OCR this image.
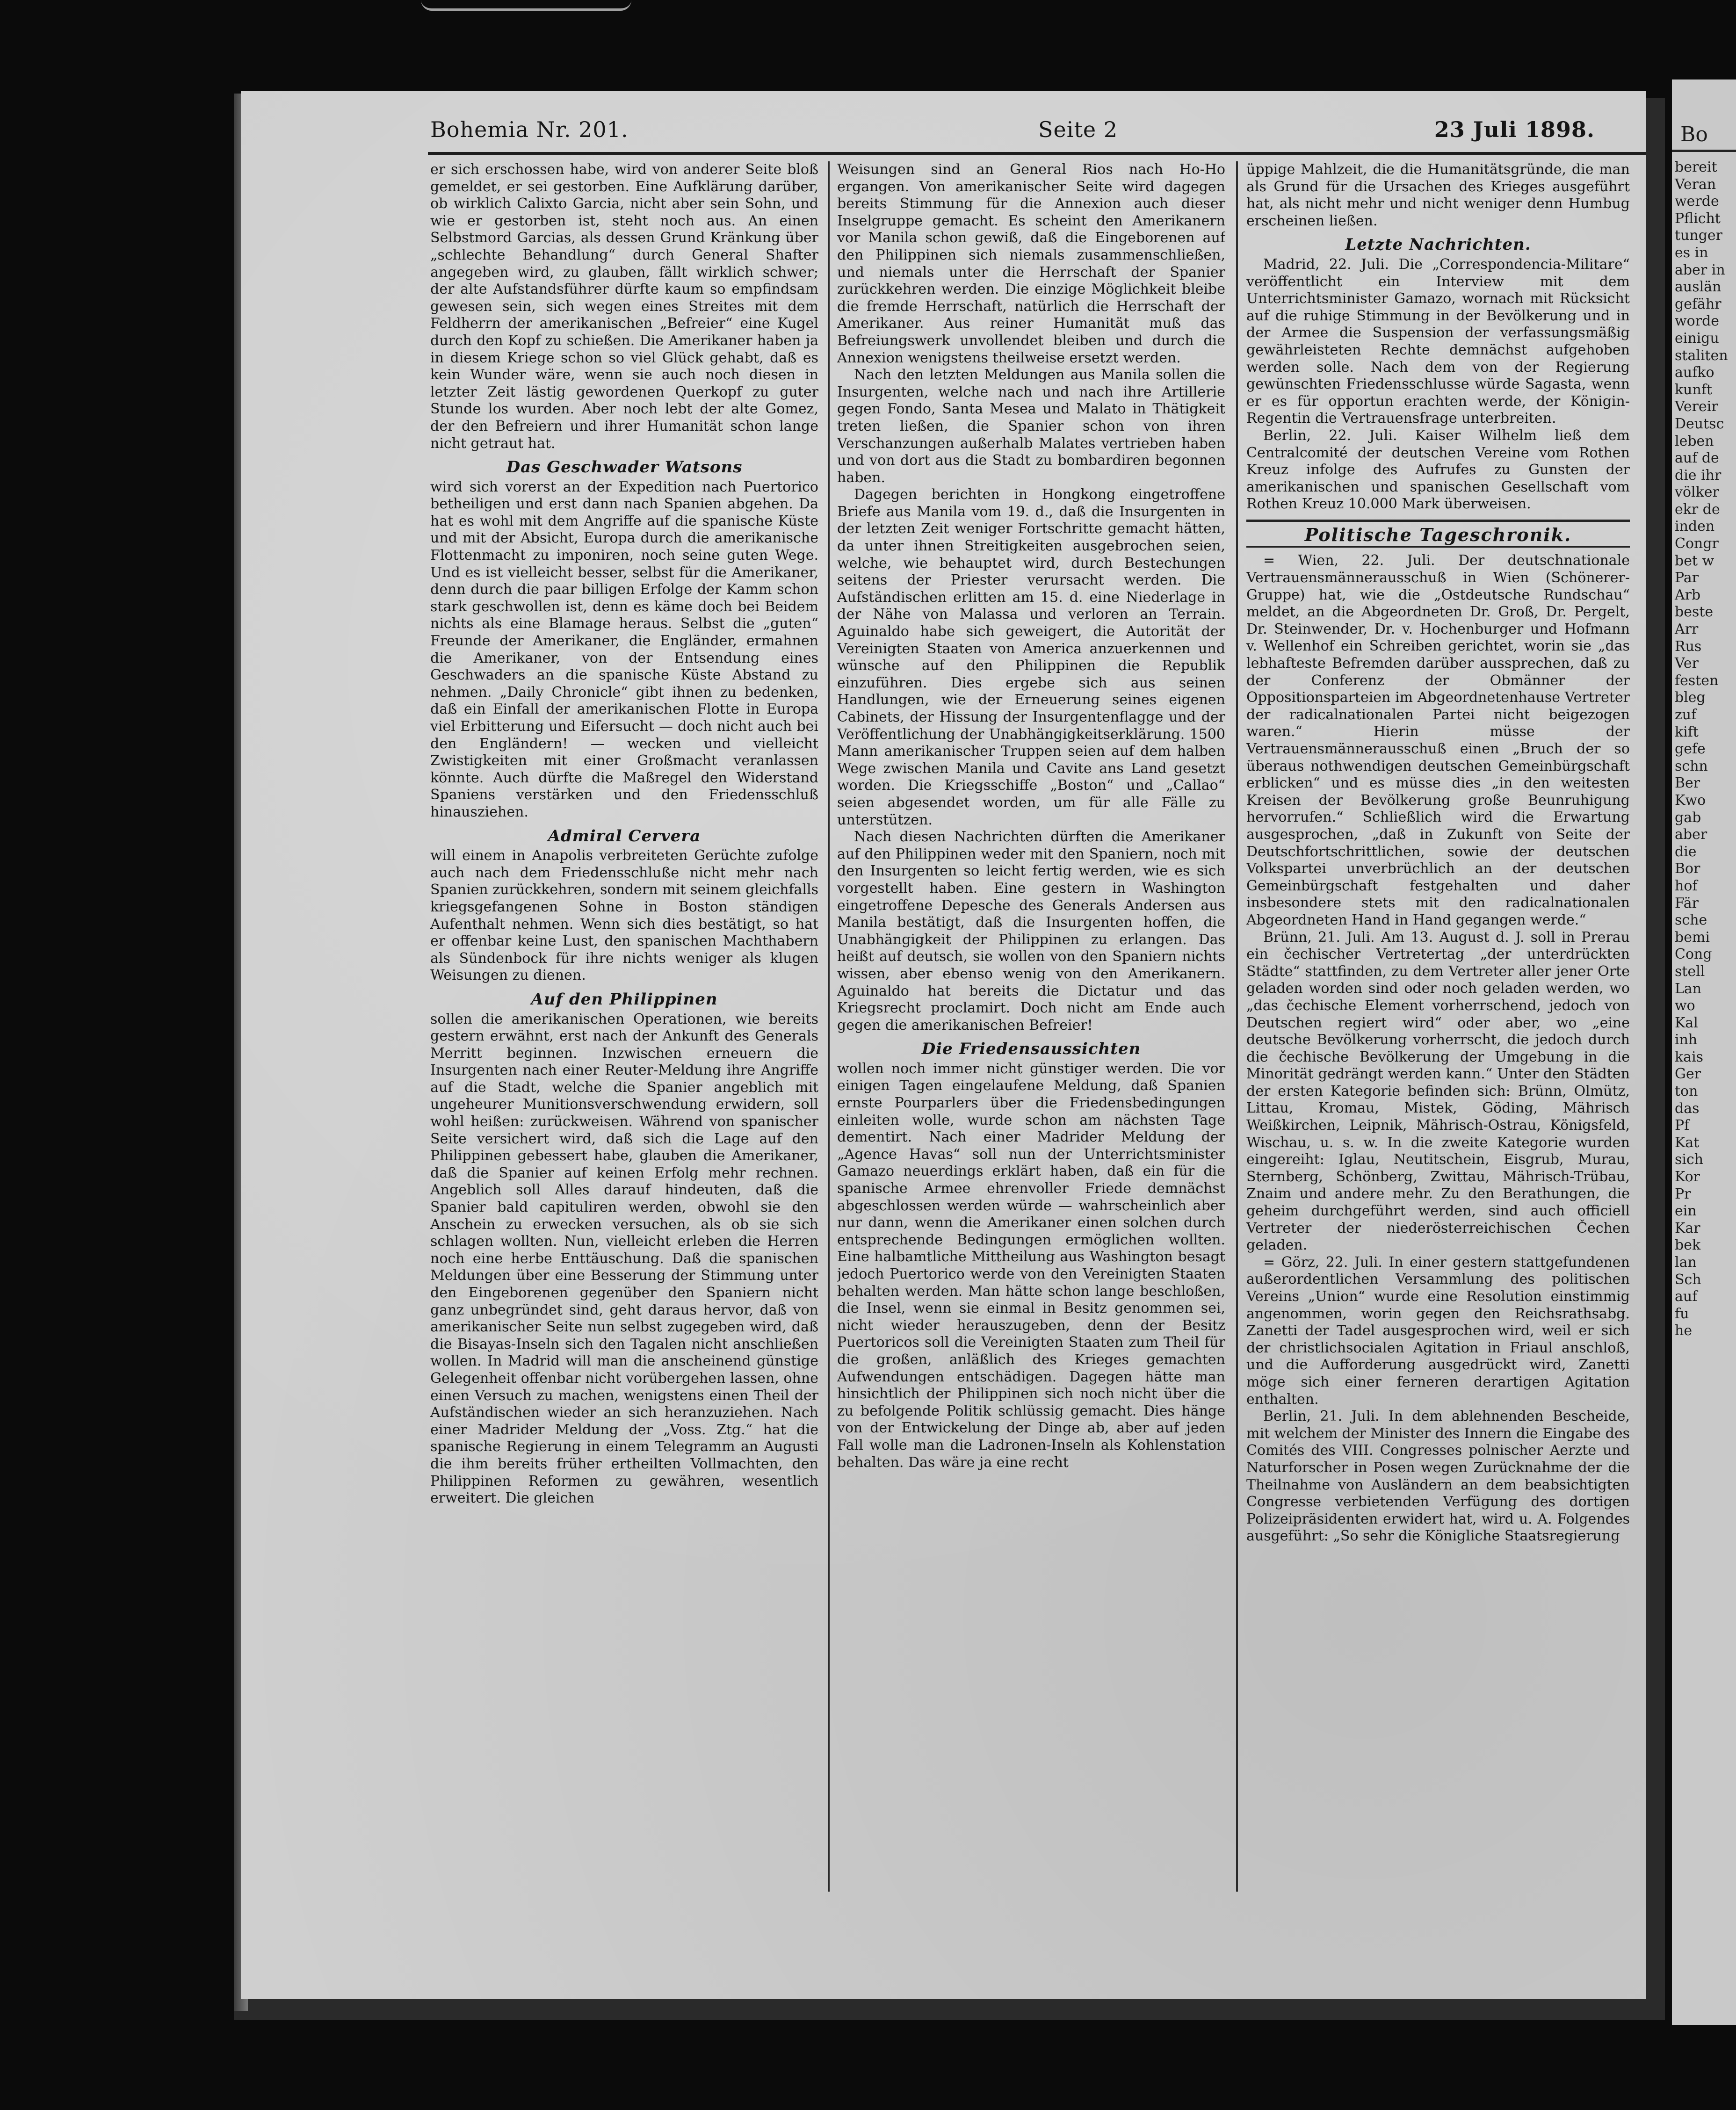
Bohemia Nr. 201.	Seite 2	23 Juli 1898.

er sich erschossen habe, wird von anderer Seite bloß gemeldet, er sei gestorben. Eine Aufklärung darüber, ob wirklich Calixto Garcia, nicht aber sein Sohn, und wie er gestorben ist, steht noch aus. An einen Selbstmord Garcias, als dessen Grund Kränkung über „schlechte Behandlung“ durch General Shafter angegeben wird, zu glauben, fällt wirklich schwer; der alte Aufstandsführer dürfte kaum so empfindsam gewesen sein, sich wegen eines Streites mit dem Feldherrn der amerikanischen „Befreier“ eine Kugel durch den Kopf zu schießen. Die Amerikaner haben ja in diesem Kriege schon so viel Glück gehabt, daß es kein Wunder wäre, wenn sie auch noch diesen in letzter Zeit lästig gewordenen Querkopf zu guter Stunde los wurden. Aber noch lebt der alte Gomez, der den Befreiern und ihrer Humanität schon lange nicht getraut hat.

Das Geschwader Watsons

wird sich vorerst an der Expedition nach Puertorico betheiligen und erst dann nach Spanien abgehen. Da hat es wohl mit dem Angriffe auf die spanische Küste und mit der Absicht, Europa durch die amerikanische Flottenmacht zu imponiren, noch seine guten Wege. Und es ist vielleicht besser, selbst für die Amerikaner, denn durch die paar billigen Erfolge der Kamm schon stark geschwollen ist, denn es käme doch bei Beidem nichts als eine Blamage heraus. Selbst die „guten“ Freunde der Amerikaner, die Engländer, ermahnen die Amerikaner, von der Entsendung eines Geschwaders an die spanische Küste Abstand zu nehmen. „Daily Chronicle“ gibt ihnen zu bedenken, daß ein Einfall der amerikanischen Flotte in Europa viel Erbitterung und Eifersucht — doch nicht auch bei den Engländern! — wecken und vielleicht Zwistigkeiten mit einer Großmacht veranlassen könnte. Auch dürfte die Maßregel den Widerstand Spaniens verstärken und den Friedensschluß hinausziehen.

Admiral Cervera

will einem in Anapolis verbreiteten Gerüchte zufolge auch nach dem Friedensschluße nicht mehr nach Spanien zurückkehren, sondern mit seinem gleichfalls kriegsgefangenen Sohne in Boston ständigen Aufenthalt nehmen. Wenn sich dies bestätigt, so hat er offenbar keine Lust, den spanischen Machthabern als Sündenbock für ihre nichts weniger als klugen Weisungen zu dienen.

Auf den Philippinen

sollen die amerikanischen Operationen, wie bereits gestern erwähnt, erst nach der Ankunft des Generals Merritt beginnen. Inzwischen erneuern die Insurgenten nach einer Reuter-Meldung ihre Angriffe auf die Stadt, welche die Spanier angeblich mit ungeheurer Munitionsverschwendung erwidern, soll wohl heißen: zurückweisen. Während von spanischer Seite versichert wird, daß sich die Lage auf den Philippinen gebessert habe, glauben die Amerikaner, daß die Spanier auf keinen Erfolg mehr rechnen. Angeblich soll Alles darauf hindeuten, daß die Spanier bald capituliren werden, obwohl sie den Anschein zu erwecken versuchen, als ob sie sich schlagen wollten. Nun, vielleicht erleben die Herren noch eine herbe Enttäuschung. Daß die spanischen Meldungen über eine Besserung der Stimmung unter den Eingeborenen gegenüber den Spaniern nicht ganz unbegründet sind, geht daraus hervor, daß von amerikanischer Seite nun selbst zugegeben wird, daß die Bisayas-Inseln sich den Tagalen nicht anschließen wollen. In Madrid will man die anscheinend günstige Gelegenheit offenbar nicht vorübergehen lassen, ohne einen Versuch zu machen, wenigstens einen Theil der Aufständischen wieder an sich heranzuziehen. Nach einer Madrider Meldung der „Voss. Ztg.“ hat die spanische Regierung in einem Telegramm an Augusti die ihm bereits früher ertheilten Vollmachten, den Philippinen Reformen zu gewähren, wesentlich erweitert. Die gleichen

Weisungen sind an General Rios nach Ho-Ho ergangen. Von amerikanischer Seite wird dagegen bereits Stimmung für die Annexion auch dieser Inselgruppe gemacht. Es scheint den Amerikanern vor Manila schon gewiß, daß die Eingeborenen auf den Philippinen sich niemals zusammenschließen, und niemals unter die Herrschaft der Spanier zurückkehren werden. Die einzige Möglichkeit bleibe die fremde Herrschaft, natürlich die Herrschaft der Amerikaner. Aus reiner Humanität muß das Befreiungswerk unvollendet bleiben und durch die Annexion wenigstens theilweise ersetzt werden.

Nach den letzten Meldungen aus Manila sollen die Insurgenten, welche nach und nach ihre Artillerie gegen Fondo, Santa Mesea und Malato in Thätigkeit treten ließen, die Spanier schon von ihren Verschanzungen außerhalb Malates vertrieben haben und von dort aus die Stadt zu bombardiren begonnen haben.

Dagegen berichten in Hongkong eingetroffene Briefe aus Manila vom 19. d., daß die Insurgenten in der letzten Zeit weniger Fortschritte gemacht hätten, da unter ihnen Streitigkeiten ausgebrochen seien, welche, wie behauptet wird, durch Bestechungen seitens der Priester verursacht werden. Die Aufständischen erlitten am 15. d. eine Niederlage in der Nähe von Malassa und verloren an Terrain. Aguinaldo habe sich geweigert, die Autorität der Vereinigten Staaten von America anzuerkennen und wünsche auf den Philippinen die Republik einzuführen. Dies ergebe sich aus seinen Handlungen, wie der Erneuerung seines eigenen Cabinets, der Hissung der Insurgentenflagge und der Veröffentlichung der Unabhängigkeitserklärung. 1500 Mann amerikanischer Truppen seien auf dem halben Wege zwischen Manila und Cavite ans Land gesetzt worden. Die Kriegsschiffe „Boston“ und „Callao“ seien abgesendet worden, um für alle Fälle zu unterstützen.

Nach diesen Nachrichten dürften die Amerikaner auf den Philippinen weder mit den Spaniern, noch mit den Insurgenten so leicht fertig werden, wie es sich vorgestellt haben. Eine gestern in Washington eingetroffene Depesche des Generals Andersen aus Manila bestätigt, daß die Insurgenten hoffen, die Unabhängigkeit der Philippinen zu erlangen. Das heißt auf deutsch, sie wollen von den Spaniern nichts wissen, aber ebenso wenig von den Amerikanern. Aguinaldo hat bereits die Dictatur und das Kriegsrecht proclamirt. Doch nicht am Ende auch gegen die amerikanischen Befreier!

Die Friedensaussichten

wollen noch immer nicht günstiger werden. Die vor einigen Tagen eingelaufene Meldung, daß Spanien ernste Pourparlers über die Friedensbedingungen einleiten wolle, wurde schon am nächsten Tage dementirt. Nach einer Madrider Meldung der „Agence Havas“ soll nun der Unterrichtsminister Gamazo neuerdings erklärt haben, daß ein für die spanische Armee ehrenvoller Friede demnächst abgeschlossen werden würde — wahrscheinlich aber nur dann, wenn die Amerikaner einen solchen durch entsprechende Bedingungen ermöglichen wollten. Eine halbamtliche Mittheilung aus Washington besagt jedoch Puertorico werde von den Vereinigten Staaten behalten werden. Man hätte schon lange beschloßen, die Insel, wenn sie einmal in Besitz genommen sei, nicht wieder herauszugeben, denn der Besitz Puertoricos soll die Vereinigten Staaten zum Theil für die großen, anläßlich des Krieges gemachten Aufwendungen entschädigen. Dagegen hätte man hinsichtlich der Philippinen sich noch nicht über die zu befolgende Politik schlüssig gemacht. Dies hänge von der Entwickelung der Dinge ab, aber auf jeden Fall wolle man die Ladronen-Inseln als Kohlenstation behalten. Das wäre ja eine recht

üppige Mahlzeit, die die Humanitätsgründe, die man als Grund für die Ursachen des Krieges ausgeführt hat, als nicht mehr und nicht weniger denn Humbug erscheinen ließen.

Letzte Nachrichten.

Madrid, 22. Juli. Die „Correspondencia-Militare“ veröffentlicht ein Interview mit dem Unterrichtsminister Gamazo, wornach mit Rücksicht auf die ruhige Stimmung in der Bevölkerung und in der Armee die Suspension der verfassungsmäßig gewährleisteten Rechte demnächst aufgehoben werden solle. Nach dem von der Regierung gewünschten Friedensschlusse würde Sagasta, wenn er es für opportun erachten werde, der Königin-Regentin die Vertrauensfrage unterbreiten.

Berlin, 22. Juli. Kaiser Wilhelm ließ dem Centralcomité der deutschen Vereine vom Rothen Kreuz infolge des Aufrufes zu Gunsten der amerikanischen und spanischen Gesellschaft vom Rothen Kreuz 10.000 Mark überweisen.

Politische Tageschronik.

= Wien, 22. Juli. Der deutschnationale Vertrauensmännerausschuß in Wien (Schönerer-Gruppe) hat, wie die „Ostdeutsche Rundschau“ meldet, an die Abgeordneten Dr. Groß, Dr. Pergelt, Dr. Steinwender, Dr. v. Hochenburger und Hofmann v. Wellenhof ein Schreiben gerichtet, worin sie „das lebhafteste Befremden darüber aussprechen, daß zu der Conferenz der Obmänner der Oppositionsparteien im Abgeordnetenhause Vertreter der radicalnationalen Partei nicht beigezogen waren.“ Hierin müsse der Vertrauensmännerausschuß einen „Bruch der so überaus nothwendigen deutschen Gemeinbürgschaft erblicken“ und es müsse dies „in den weitesten Kreisen der Bevölkerung große Beunruhigung hervorrufen.“ Schließlich wird die Erwartung ausgesprochen, „daß in Zukunft von Seite der Deutschfortschrittlichen, sowie der deutschen Volkspartei unverbrüchlich an der deutschen Gemeinbürgschaft festgehalten und daher insbesondere stets mit den radicalnationalen Abgeordneten Hand in Hand gegangen werde.“

Brünn, 21. Juli. Am 13. August d. J. soll in Prerau ein čechischer Vertretertag „der unterdrückten Städte“ stattfinden, zu dem Vertreter aller jener Orte geladen worden sind oder noch geladen werden, wo „das čechische Element vorherrschend, jedoch von Deutschen regiert wird“ oder aber, wo „eine deutsche Bevölkerung vorherrscht, die jedoch durch die čechische Bevölkerung der Umgebung in die Minorität gedrängt werden kann.“ Unter den Städten der ersten Kategorie befinden sich: Brünn, Olmütz, Littau, Kromau, Mistek, Göding, Mährisch Weißkirchen, Leipnik, Mährisch-Ostrau, Königsfeld, Wischau, u. s. w. In die zweite Kategorie wurden eingereiht: Iglau, Neutitschein, Eisgrub, Murau, Sternberg, Schönberg, Zwittau, Mährisch-Trübau, Znaim und andere mehr. Zu den Berathungen, die geheim durchgeführt werden, sind auch officiell Vertreter der niederösterreichischen Čechen geladen.

= Görz, 22. Juli. In einer gestern stattgefundenen außerordentlichen Versammlung des politischen Vereins „Union“ wurde eine Resolution einstimmig angenommen, worin gegen den Reichsrathsabg. Zanetti der Tadel ausgesprochen wird, weil er sich der christlichsocialen Agitation in Friaul anschloß, und die Aufforderung ausgedrückt wird, Zanetti möge sich einer ferneren derartigen Agitation enthalten.

Berlin, 21. Juli. In dem ablehnenden Bescheide, mit welchem der Minister des Innern die Eingabe des Comités des VIII. Congresses polnischer Aerzte und Naturforscher in Posen wegen Zurücknahme der die Theilnahme von Ausländern an dem beabsichtigten Congresse verbietenden Verfügung des dortigen Polizeipräsidenten erwidert hat, wird u. A. Folgendes ausgeführt: „So sehr die Königliche Staatsregierung

Bo
bereit
Veran
werde
Pflicht
tunger
es in
aber in
auslän
gefähr
worde
einigu
staliten
aufko
kunft
Vereir
Deutsc
leben
auf de
die ihr
völker
ekr de
inden
Congr
bet w
Par
Arb
beste
Arr
Rus
Ver
festen
bleg
zuf
kift
gefe
schn
Ber
Kwo
gab
aber
die
Bor
hof
Fär
sche
bemi
Cong
stell
Lan
wo
Kal
inh
kais
Ger
ton
das
Pf
Kat
sich
Kor
Pr
ein
Kar
bek
lan
Sch
auf
fu
he
